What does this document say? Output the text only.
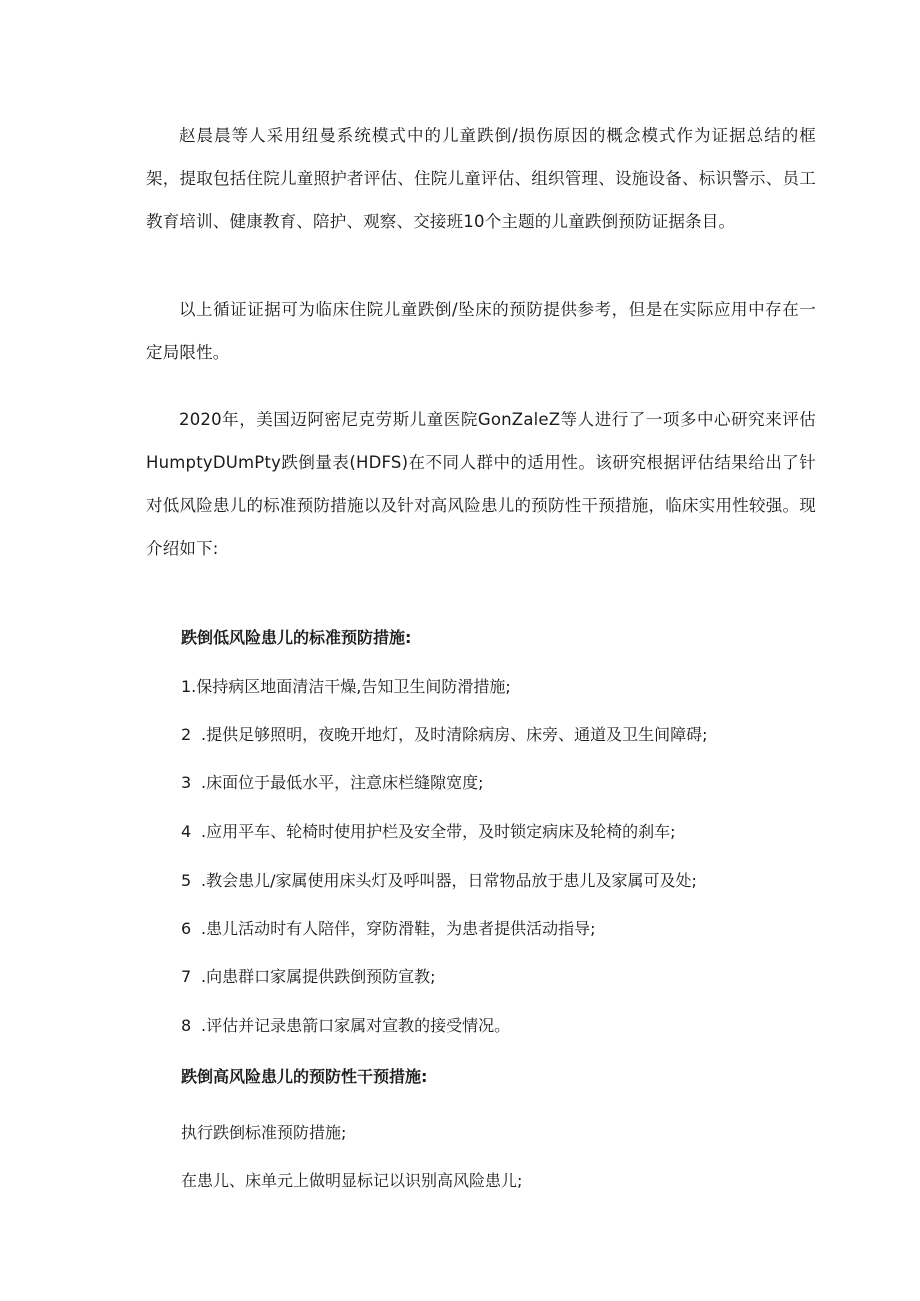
赵晨晨等人采用纽曼系统模式中的儿童跌倒/损伤原因的概念模式作为证据总结的框架，提取包括住院儿童照护者评估、住院儿童评估、组织管理、设施设备、标识警示、员工教育培训、健康教育、陪护、观察、交接班10个主题的儿童跌倒预防证据条目。

以上循证证据可为临床住院儿童跌倒/坠床的预防提供参考，但是在实际应用中存在一定局限性。

2020年，美国迈阿密尼克劳斯儿童医院GonZaleZ等人进行了一项多中心研究来评估HumptyDUmPty跌倒量表(HDFS)在不同人群中的适用性。该研究根据评估结果给出了针对低风险患儿的标准预防措施以及针对高风险患儿的预防性干预措施，临床实用性较强。现介绍如下:

跌倒低风险患儿的标准预防措施:

1.保持病区地面清洁干燥,告知卫生间防滑措施;

2 .提供足够照明，夜晚开地灯，及时清除病房、床旁、通道及卫生间障碍;

3 .床面位于最低水平，注意床栏缝隙宽度;

4 .应用平车、轮椅时使用护栏及安全带，及时锁定病床及轮椅的刹车;

5 .教会患儿/家属使用床头灯及呼叫器，日常物品放于患儿及家属可及处;

6 .患儿活动时有人陪伴，穿防滑鞋，为患者提供活动指导;

7 .向患群口家属提供跌倒预防宣教;

8 .评估并记录患箭口家属对宣教的接受情况。

跌倒高风险患儿的预防性干预措施:

执行跌倒标准预防措施;

在患儿、床单元上做明显标记以识别高风险患儿;
